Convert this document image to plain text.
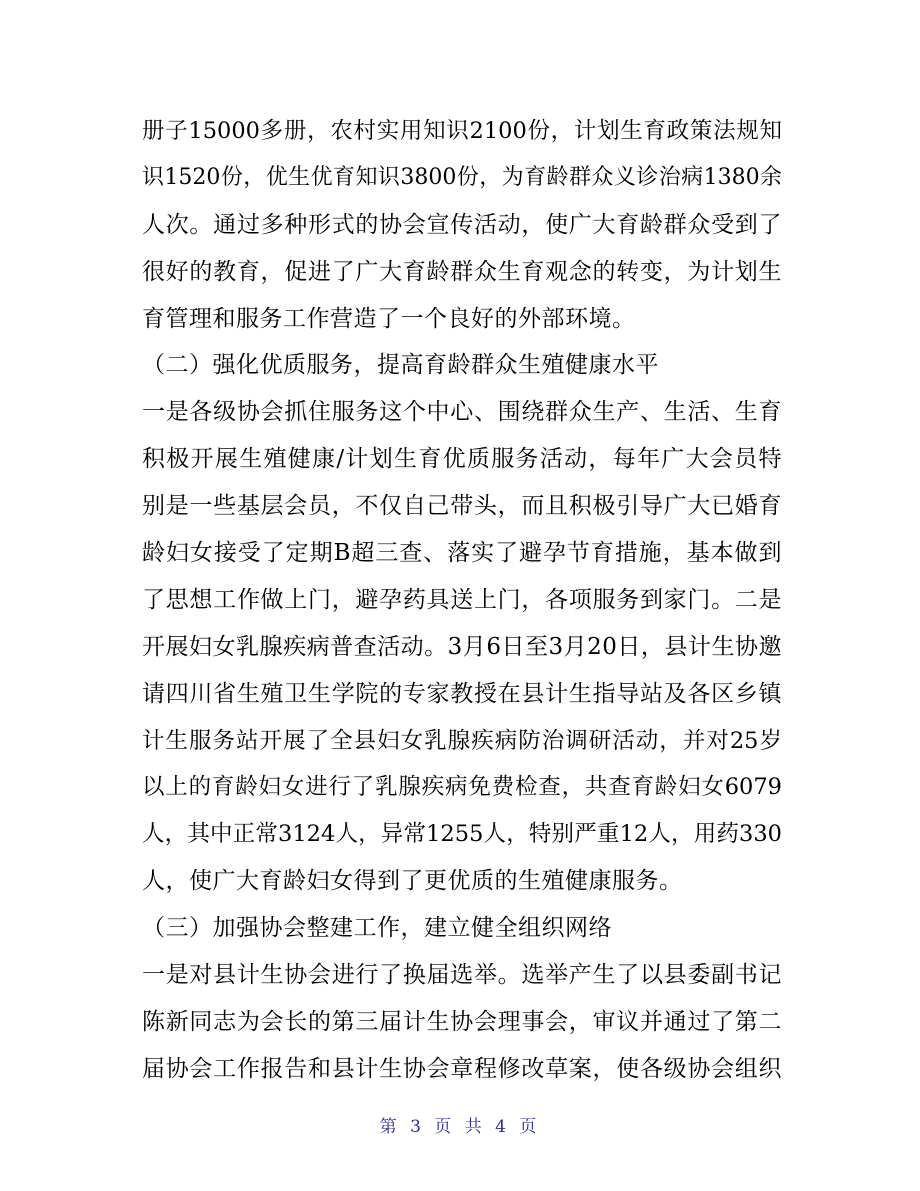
册子15000多册，农村实用知识2100份，计划生育政策法规知
识1520份，优生优育知识3800份，为育龄群众义诊治病1380余
人次。通过多种形式的协会宣传活动，使广大育龄群众受到了
很好的教育，促进了广大育龄群众生育观念的转变，为计划生
育管理和服务工作营造了一个良好的外部环境。
（二）强化优质服务，提高育龄群众生殖健康水平
一是各级协会抓住服务这个中心、围绕群众生产、生活、生育
积极开展生殖健康/计划生育优质服务活动，每年广大会员特
别是一些基层会员，不仅自己带头，而且积极引导广大已婚育
龄妇女接受了定期B超三查、落实了避孕节育措施，基本做到
了思想工作做上门，避孕药具送上门，各项服务到家门。二是
开展妇女乳腺疾病普查活动。3月6日至3月20日，县计生协邀
请四川省生殖卫生学院的专家教授在县计生指导站及各区乡镇
计生服务站开展了全县妇女乳腺疾病防治调研活动，并对25岁
以上的育龄妇女进行了乳腺疾病免费检查，共查育龄妇女6079
人，其中正常3124人，异常1255人，特别严重12人，用药330
人，使广大育龄妇女得到了更优质的生殖健康服务。
（三）加强协会整建工作，建立健全组织网络
一是对县计生协会进行了换届选举。选举产生了以县委副书记
陈新同志为会长的第三届计生协会理事会，审议并通过了第二
届协会工作报告和县计生协会章程修改草案，使各级协会组织
第 3 页 共 4 页
